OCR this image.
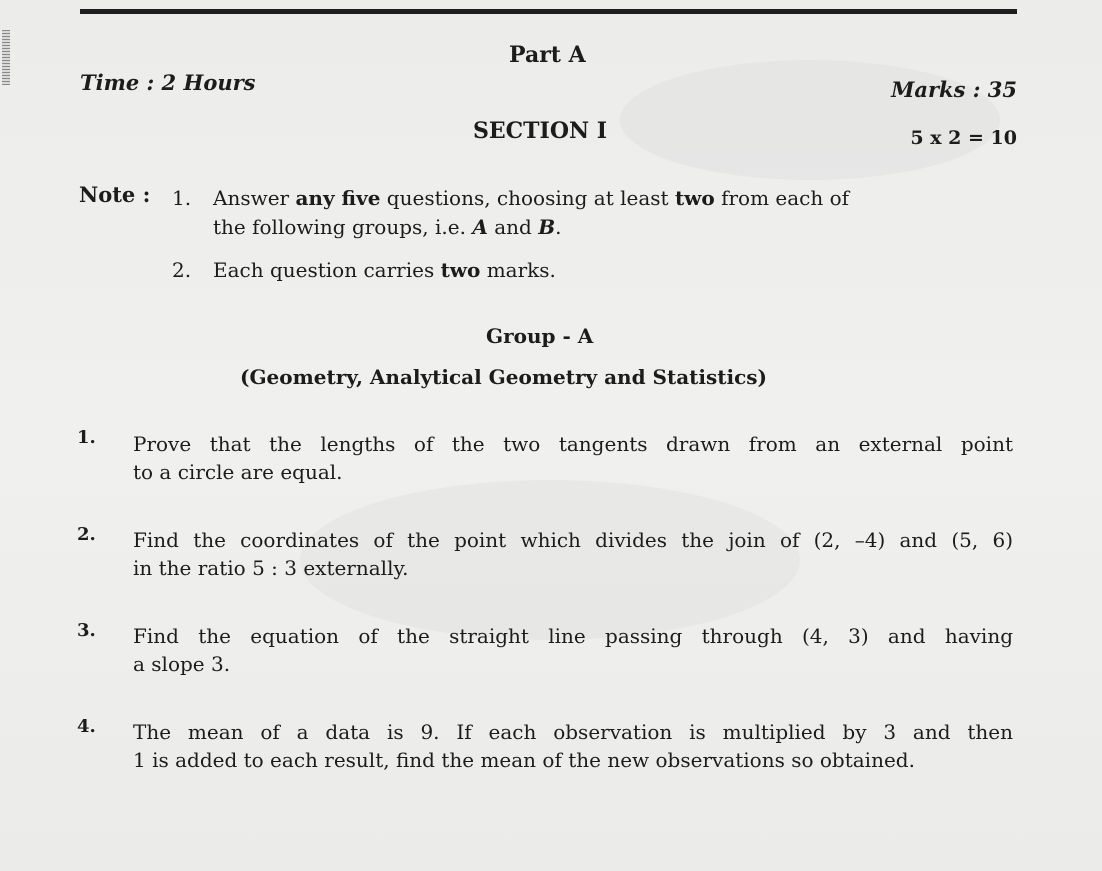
Part A
Time : 2 Hours	Marks : 35
SECTION I	5 x 2 = 10
Note : 1. Answer any five questions, choosing at least two from each of
the following groups, i.e. A and B.
2. Each question carries two marks.
Group - A
(Geometry, Analytical Geometry and Statistics)
1. Prove that the lengths of the two tangents drawn from an external point
to a circle are equal.
2. Find the coordinates of the point which divides the join of (2, –4) and (5, 6)
in the ratio 5 : 3 externally.
3. Find the equation of the straight line passing through (4, 3) and having
a slope 3.
4. The mean of a data is 9. If each observation is multiplied by 3 and then
1 is added to each result, find the mean of the new observations so obtained.
